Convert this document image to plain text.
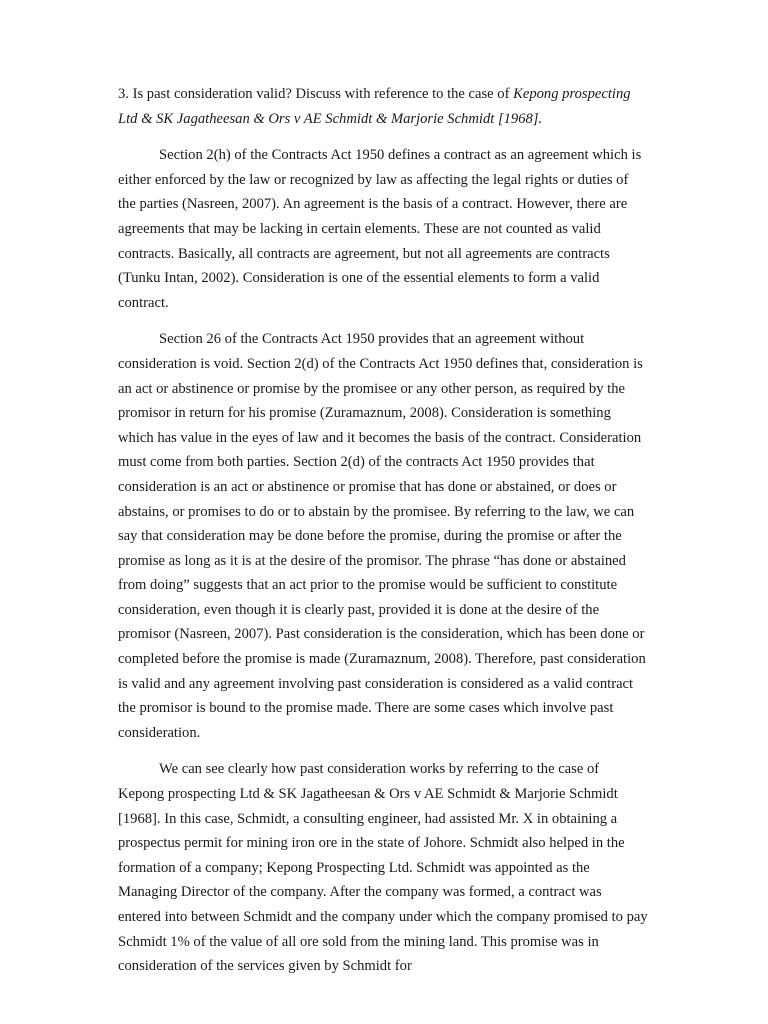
3. Is past consideration valid? Discuss with reference to the case of Kepong prospecting Ltd & SK Jagatheesan & Ors v AE Schmidt & Marjorie Schmidt [1968].

Section 2(h) of the Contracts Act 1950 defines a contract as an agreement which is either enforced by the law or recognized by law as affecting the legal rights or duties of the parties (Nasreen, 2007). An agreement is the basis of a contract. However, there are agreements that may be lacking in certain elements. These are not counted as valid contracts. Basically, all contracts are agreement, but not all agreements are contracts (Tunku Intan, 2002). Consideration is one of the essential elements to form a valid contract.

Section 26 of the Contracts Act 1950 provides that an agreement without consideration is void. Section 2(d) of the Contracts Act 1950 defines that, consideration is an act or abstinence or promise by the promisee or any other person, as required by the promisor in return for his promise (Zuramaznum, 2008). Consideration is something which has value in the eyes of law and it becomes the basis of the contract. Consideration must come from both parties. Section 2(d) of the contracts Act 1950 provides that consideration is an act or abstinence or promise that has done or abstained, or does or abstains, or promises to do or to abstain by the promisee. By referring to the law, we can say that consideration may be done before the promise, during the promise or after the promise as long as it is at the desire of the promisor. The phrase “has done or abstained from doing” suggests that an act prior to the promise would be sufficient to constitute consideration, even though it is clearly past, provided it is done at the desire of the promisor (Nasreen, 2007). Past consideration is the consideration, which has been done or completed before the promise is made (Zuramaznum, 2008). Therefore, past consideration is valid and any agreement involving past consideration is considered as a valid contract the promisor is bound to the promise made. There are some cases which involve past consideration.

We can see clearly how past consideration works by referring to the case of Kepong prospecting Ltd & SK Jagatheesan & Ors v AE Schmidt & Marjorie Schmidt [1968]. In this case, Schmidt, a consulting engineer, had assisted Mr. X in obtaining a prospectus permit for mining iron ore in the state of Johore. Schmidt also helped in the formation of a company; Kepong Prospecting Ltd. Schmidt was appointed as the Managing Director of the company. After the company was formed, a contract was entered into between Schmidt and the company under which the company promised to pay Schmidt 1% of the value of all ore sold from the mining land. This promise was in consideration of the services given by Schmidt for
